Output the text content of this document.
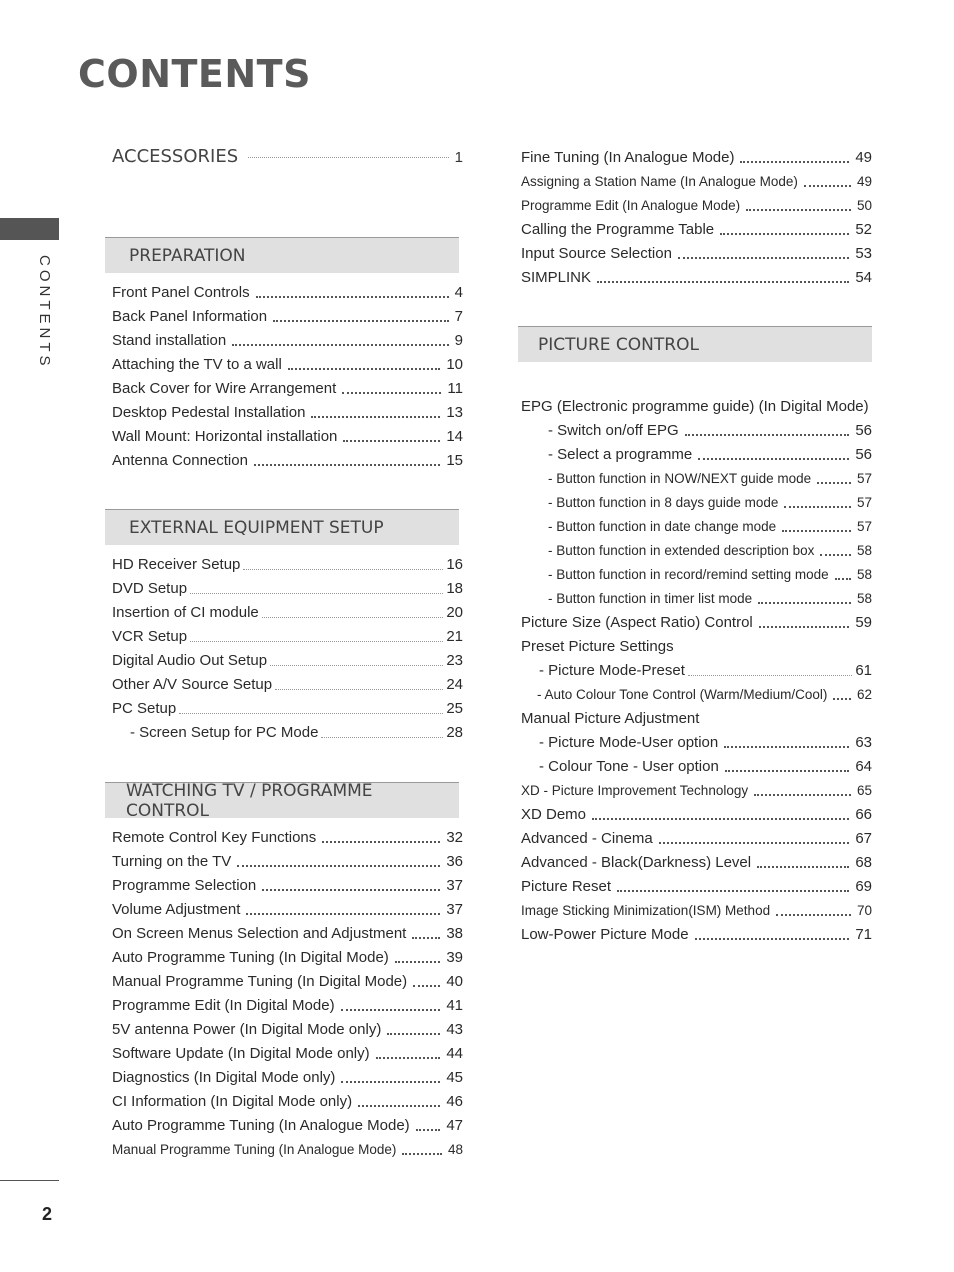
CONTENTS
CONTENTS
ACCESSORIES	1
PREPARATION
Front Panel Controls	4
Back Panel Information	7
Stand installation	9
Attaching the TV to a wall	10
Back Cover for Wire Arrangement	11
Desktop Pedestal Installation	13
Wall Mount: Horizontal installation	14
Antenna Connection	15
EXTERNAL EQUIPMENT SETUP
HD Receiver Setup	16
DVD Setup	18
Insertion of CI module	20
VCR Setup	21
Digital Audio Out Setup	23
Other A/V Source Setup	24
PC Setup	25
- Screen Setup for PC Mode	28
WATCHING TV / PROGRAMME CONTROL
Remote Control Key Functions	32
Turning on the TV	36
Programme Selection	37
Volume Adjustment	37
On Screen Menus Selection and Adjustment	38
Auto Programme Tuning (In Digital Mode)	39
Manual Programme Tuning (In Digital Mode)	40
Programme Edit (In Digital Mode)	41
5V antenna Power (In Digital Mode only)	43
Software Update (In Digital Mode only)	44
Diagnostics (In Digital Mode only)	45
CI Information (In Digital Mode only)	46
Auto Programme Tuning (In Analogue Mode) 47
Manual Programme Tuning (In Analogue Mode)	48
Fine Tuning (In Analogue Mode)	49
Assigning a Station Name (In Analogue Mode)	49
Programme Edit (In Analogue Mode)	50
Calling the Programme Table	52
Input Source Selection	53
SIMPLINK	54
PICTURE CONTROL
EPG (Electronic programme guide) (In Digital Mode)
- Switch on/off EPG	56
- Select a programme	56
- Button function in NOW/NEXT guide mode	57
- Button function in 8 days guide mode	57
- Button function in date change mode	57
- Button function in extended description box	58
- Button function in record/remind setting mode 58
- Button function in timer list mode	58
Picture Size (Aspect Ratio) Control	59
Preset Picture Settings
- Picture Mode-Preset	61
- Auto Colour Tone Control (Warm/Medium/Cool) 62
Manual Picture Adjustment
- Picture Mode-User option	63
- Colour Tone - User option	64
XD - Picture Improvement Technology	65
XD Demo	66
Advanced - Cinema	67
Advanced - Black(Darkness) Level	68
Picture Reset	69
Image Sticking Minimization(ISM) Method	70
Low-Power Picture Mode	71
2
